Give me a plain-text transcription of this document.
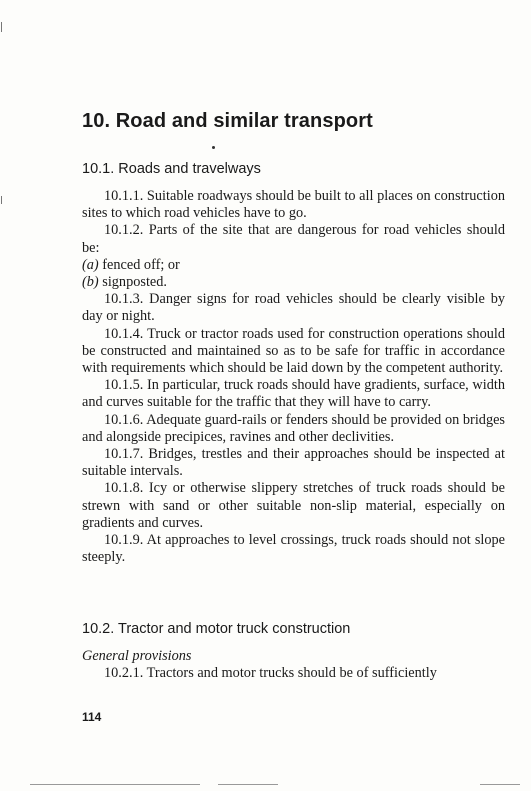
10. Road and similar transport
10.1. Roads and travelways

10.1.1. Suitable roadways should be built to all places on construction sites to which road vehicles have to go.

10.1.2. Parts of the site that are dangerous for road vehicles should be:

(a) fenced off; or

(b) signposted.

10.1.3. Danger signs for road vehicles should be clearly visible by day or night.

10.1.4. Truck or tractor roads used for construction operations should be constructed and maintained so as to be safe for traffic in accordance with requirements which should be laid down by the competent authority.

10.1.5. In particular, truck roads should have gradients, surface, width and curves suitable for the traffic that they will have to carry.

10.1.6. Adequate guard-rails or fenders should be provided on bridges and alongside precipices, ravines and other declivities.

10.1.7. Bridges, trestles and their approaches should be inspected at suitable intervals.

10.1.8. Icy or otherwise slippery stretches of truck roads should be strewn with sand or other suitable non-slip material, especially on gradients and curves.

10.1.9. At approaches to level crossings, truck roads should not slope steeply.

10.2. Tractor and motor truck construction

General provisions

10.2.1. Tractors and motor trucks should be of sufficiently

114
